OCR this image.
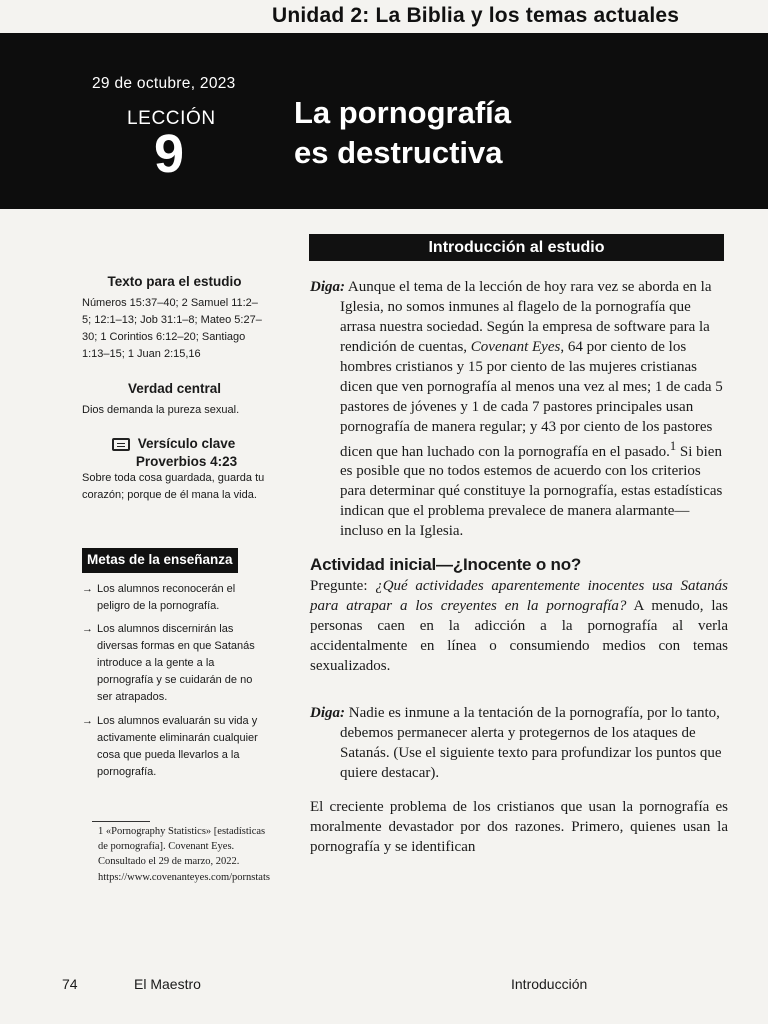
Unidad 2: La Biblia y los temas actuales
29 de octubre, 2023
LECCIÓN
9
La pornografía
es destructiva
Texto para el estudio
Números 15:37–40; 2 Samuel 11:2– 5; 12:1–13; Job 31:1–8; Mateo 5:27–30; 1 Corintios 6:12–20; Santiago 1:13–15; 1 Juan 2:15,16
Verdad central
Dios demanda la pureza sexual.
Versículo clave
Proverbios 4:23
Sobre toda cosa guardada, guarda tu corazón; porque de él mana la vida.
Metas de la enseñanza
→ Los alumnos reconocerán el peligro de la pornografía.
→ Los alumnos discernirán las diversas formas en que Satanás introduce a la gente a la pornografía y se cuidarán de no ser atrapados.
→ Los alumnos evaluarán su vida y activamente eliminarán cualquier cosa que pueda llevarlos a la pornografía.
1 «Pornography Statistics» [estadísticas de pornografía]. Covenant Eyes. Consultado el 29 de marzo, 2022. https://www.covenanteyes.com/pornstats
Introducción al estudio

Diga: Aunque el tema de la lección de hoy rara vez se aborda en la Iglesia, no somos inmunes al flagelo de la pornografía que arrasa nuestra sociedad. Según la empresa de software para la rendición de cuentas, Covenant Eyes, 64 por ciento de los hombres cristianos y 15 por ciento de las mujeres cristianas dicen que ven pornografía al menos una vez al mes; 1 de cada 5 pastores de jóvenes y 1 de cada 7 pastores principales usan pornografía de manera regular; y 43 por ciento de los pastores dicen que han luchado con la pornografía en el pasado.$^1$ Si bien es posible que no todos estemos de acuerdo con los criterios para determinar qué constituye la pornografía, estas estadísticas indican que el problema prevalece de manera alarmante—incluso en la Iglesia.

Actividad inicial—¿Inocente o no?

Pregunte: ¿Qué actividades aparentemente inocentes usa Satanás para atrapar a los creyentes en la pornografía? A menudo, las personas caen en la adicción a la pornografía al verla accidentalmente en línea o consumiendo medios con temas sexualizados.

Diga: Nadie es inmune a la tentación de la pornografía, por lo tanto, debemos permanecer alerta y protegernos de los ataques de Satanás. (Use el siguiente texto para profundizar los puntos que quiere destacar).

El creciente problema de los cristianos que usan la pornografía es moralmente devastador por dos razones. Primero, quienes usan la pornografía y se identifican

74	El Maestro	Introducción
